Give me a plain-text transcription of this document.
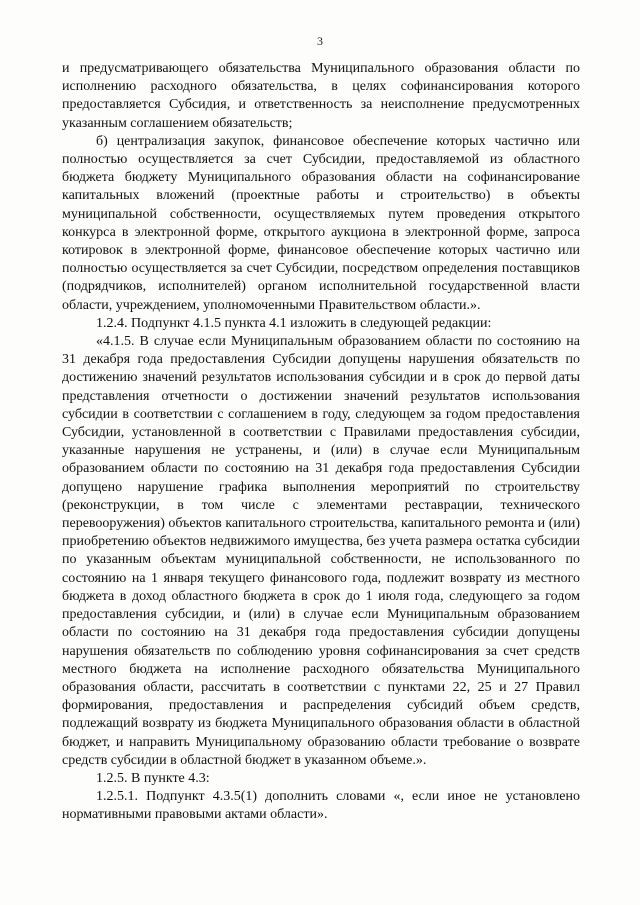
3

и предусматривающего обязательства Муниципального образования области по исполнению расходного обязательства, в целях софинансирования которого предоставляется Субсидия, и ответственность за неисполнение предусмотренных указанным соглашением обязательств;

б) централизация закупок, финансовое обеспечение которых частично или полностью осуществляется за счет Субсидии, предоставляемой из областного бюджета бюджету Муниципального образования области на софинансирование капитальных вложений (проектные работы и строительство) в объекты муниципальной собственности, осуществляемых путем проведения открытого конкурса в электронной форме, открытого аукциона в электронной форме, запроса котировок в электронной форме, финансовое обеспечение которых частично или полностью осуществляется за счет Субсидии, посредством определения поставщиков (подрядчиков, исполнителей) органом исполнительной государственной власти области, учреждением, уполномоченными Правительством области.».

1.2.4. Подпункт 4.1.5 пункта 4.1 изложить в следующей редакции:

«4.1.5. В случае если Муниципальным образованием области по состоянию на 31 декабря года предоставления Субсидии допущены нарушения обязательств по достижению значений результатов использования субсидии и в срок до первой даты представления отчетности о достижении значений результатов использования субсидии в соответствии с соглашением в году, следующем за годом предоставления Субсидии, установленной в соответствии с Правилами предоставления субсидии, указанные нарушения не устранены, и (или) в случае если Муниципальным образованием области по состоянию на 31 декабря года предоставления Субсидии допущено нарушение графика выполнения мероприятий по строительству (реконструкции, в том числе с элементами реставрации, технического перевооружения) объектов капитального строительства, капитального ремонта и (или) приобретению объектов недвижимого имущества, без учета размера остатка субсидии по указанным объектам муниципальной собственности, не использованного по состоянию на 1 января текущего финансового года, подлежит возврату из местного бюджета в доход областного бюджета в срок до 1 июля года, следующего за годом предоставления субсидии, и (или) в случае если Муниципальным образованием области по состоянию на 31 декабря года предоставления субсидии допущены нарушения обязательств по соблюдению уровня софинансирования за счет средств местного бюджета на исполнение расходного обязательства Муниципального образования области, рассчитать в соответствии с пунктами 22, 25 и 27 Правил формирования, предоставления и распределения субсидий объем средств, подлежащий возврату из бюджета Муниципального образования области в областной бюджет, и направить Муниципальному образованию области требование о возврате средств субсидии в областной бюджет в указанном объеме.».

1.2.5. В пункте 4.3:

1.2.5.1. Подпункт 4.3.5(1) дополнить словами «, если иное не установлено нормативными правовыми актами области».
